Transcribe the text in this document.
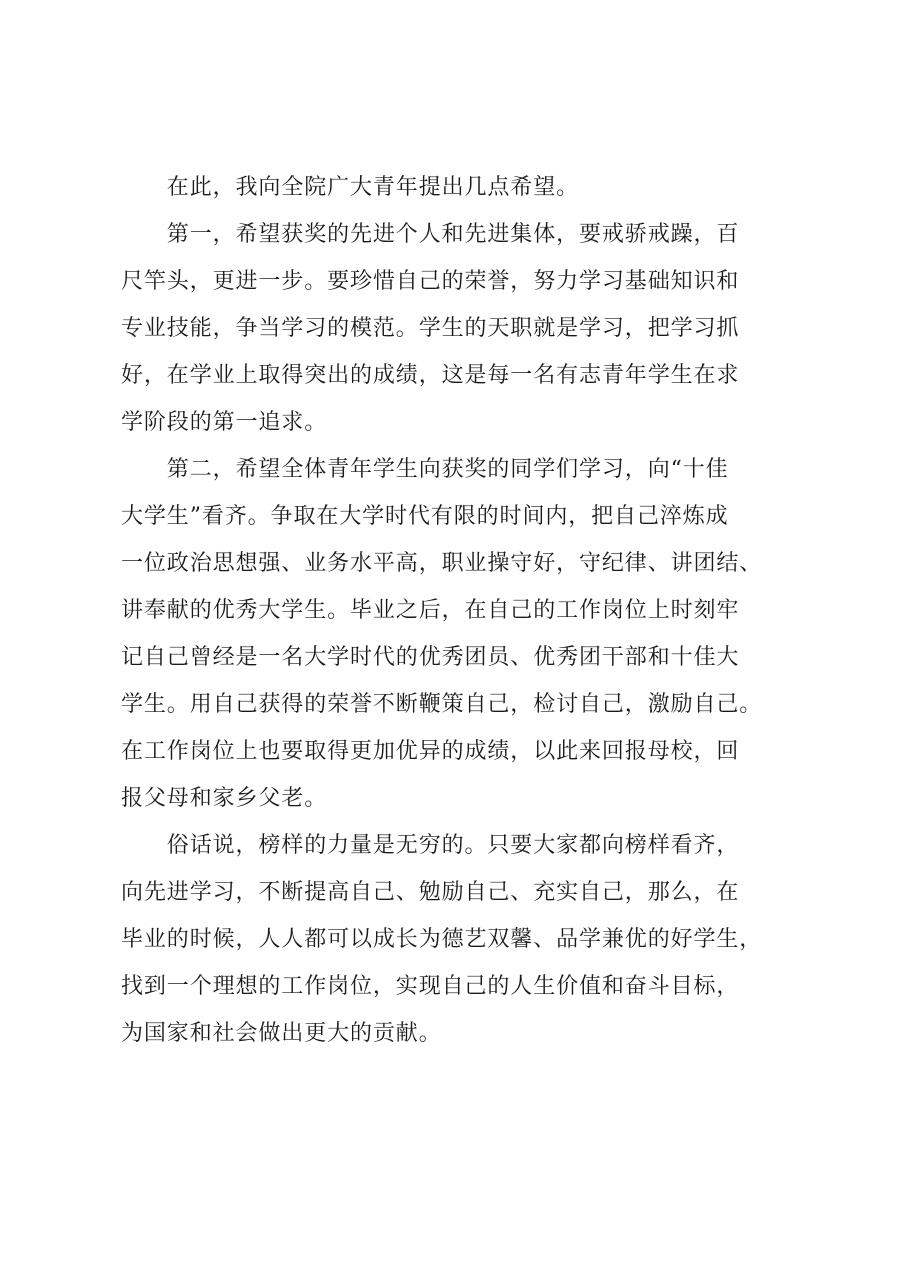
　　在此，我向全院广大青年提出几点希望。
　　第一，希望获奖的先进个人和先进集体，要戒骄戒躁，百
尺竿头，更进一步。要珍惜自己的荣誉，努力学习基础知识和
专业技能，争当学习的模范。学生的天职就是学习，把学习抓
好，在学业上取得突出的成绩，这是每一名有志青年学生在求
学阶段的第一追求。
　　第二，希望全体青年学生向获奖的同学们学习，向“十佳
大学生”看齐。争取在大学时代有限的时间内，把自己淬炼成
一位政治思想强、业务水平高，职业操守好，守纪律、讲团结、
讲奉献的优秀大学生。毕业之后，在自己的工作岗位上时刻牢
记自己曾经是一名大学时代的优秀团员、优秀团干部和十佳大
学生。用自己获得的荣誉不断鞭策自己，检讨自己，激励自己。
在工作岗位上也要取得更加优异的成绩，以此来回报母校，回
报父母和家乡父老。
　　俗话说，榜样的力量是无穷的。只要大家都向榜样看齐，
向先进学习，不断提高自己、勉励自己、充实自己，那么，在
毕业的时候，人人都可以成长为德艺双馨、品学兼优的好学生，
找到一个理想的工作岗位，实现自己的人生价值和奋斗目标，
为国家和社会做出更大的贡献。
